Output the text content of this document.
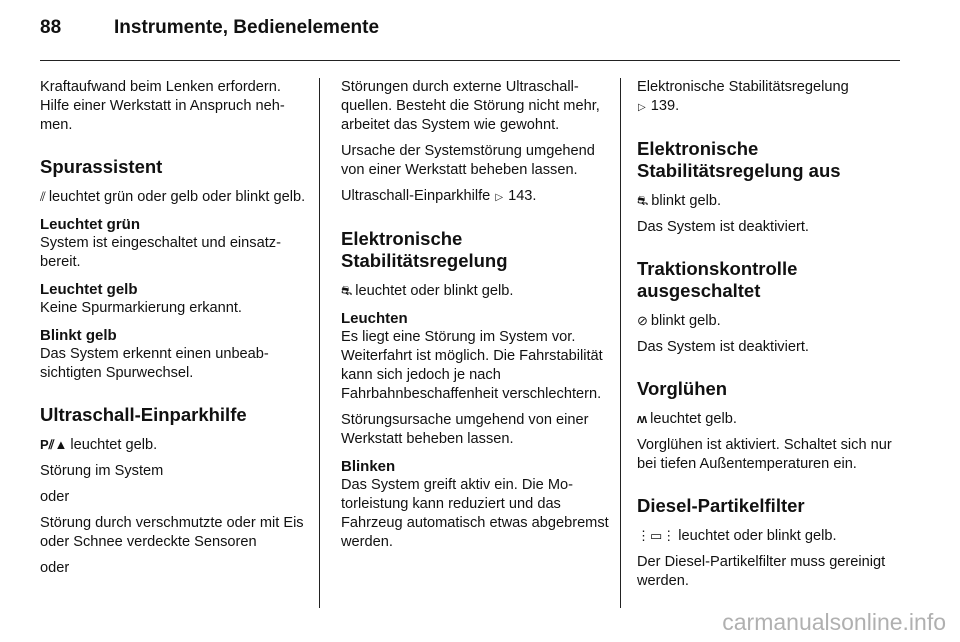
88	Instrumente, Bedienelemente

Kraftaufwand beim Lenken erfordern. Hilfe einer Werkstatt in Anspruch nehmen.

Spurassistent

⫽ leuchtet grün oder gelb oder blinkt gelb.

Leuchtet grün

System ist eingeschaltet und einsatzbereit.

Leuchtet gelb

Keine Spurmarkierung erkannt.

Blinkt gelb

Das System erkennt einen unbeabsichtigten Spurwechsel.

Ultraschall-Einparkhilfe

P⫽▲ leuchtet gelb.

Störung im System

oder

Störung durch verschmutzte oder mit Eis oder Schnee verdeckte Sensoren

oder

Störungen durch externe Ultraschallquellen. Besteht die Störung nicht mehr, arbeitet das System wie gewohnt.

Ursache der Systemstörung umgehend von einer Werkstatt beheben lassen.

Ultraschall-Einparkhilfe ▷ 143.

Elektronische Stabilitätsregelung

⛐ leuchtet oder blinkt gelb.

Leuchten

Es liegt eine Störung im System vor. Weiterfahrt ist möglich. Die Fahrstabilität kann sich jedoch je nach Fahrbahnbeschaffenheit verschlechtern.

Störungsursache umgehend von einer Werkstatt beheben lassen.

Blinken

Das System greift aktiv ein. Die Motorleistung kann reduziert und das Fahrzeug automatisch etwas abgebremst werden.

Elektronische Stabilitätsregelung
▷ 139.

Elektronische Stabilitätsregelung aus

⛐ blinkt gelb.

Das System ist deaktiviert.

Traktionskontrolle ausgeschaltet

⊘ blinkt gelb.

Das System ist deaktiviert.

Vorglühen

ʍ leuchtet gelb.

Vorglühen ist aktiviert. Schaltet sich nur bei tiefen Außentemperaturen ein.

Diesel-Partikelfilter

⋮▭⋮ leuchtet oder blinkt gelb.

Der Diesel-Partikelfilter muss gereinigt werden.

carmanualsonline.info
